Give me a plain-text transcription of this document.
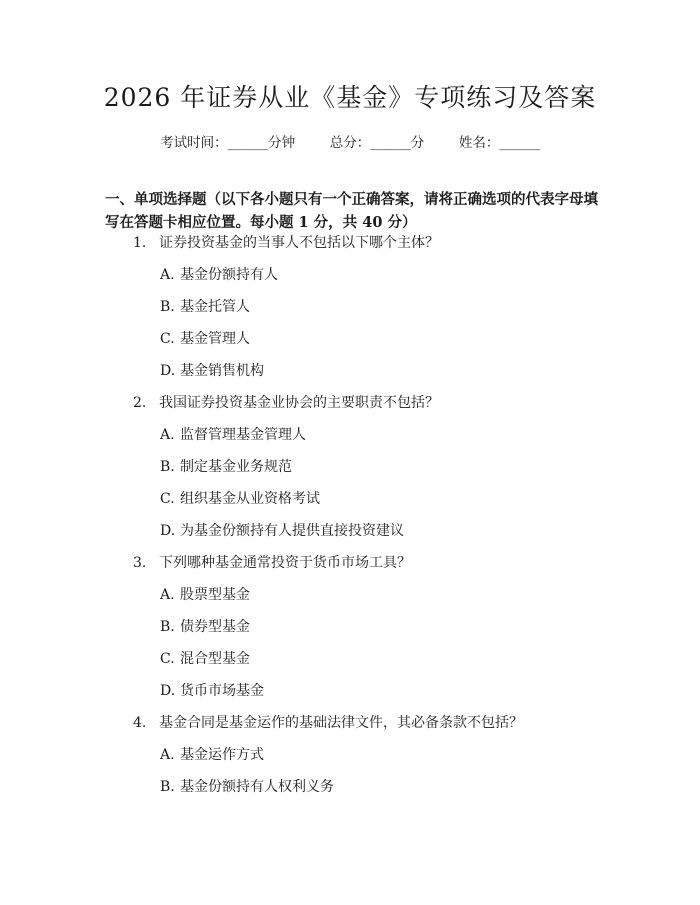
2026 年证券从业《基金》专项练习及答案
考试时间：______分钟	总分：______分	姓名：______

一、单项选择题（以下各小题只有一个正确答案，请将正确选项的代表字母填写在答题卡相应位置。每小题 1 分，共 40 分）

1. 证券投资基金的当事人不包括以下哪个主体？
A. 基金份额持有人
B. 基金托管人
C. 基金管理人
D. 基金销售机构
2. 我国证券投资基金业协会的主要职责不包括？
A. 监督管理基金管理人
B. 制定基金业务规范
C. 组织基金从业资格考试
D. 为基金份额持有人提供直接投资建议
3. 下列哪种基金通常投资于货币市场工具？
A. 股票型基金
B. 债券型基金
C. 混合型基金
D. 货币市场基金
4. 基金合同是基金运作的基础法律文件，其必备条款不包括？
A. 基金运作方式
B. 基金份额持有人权利义务
